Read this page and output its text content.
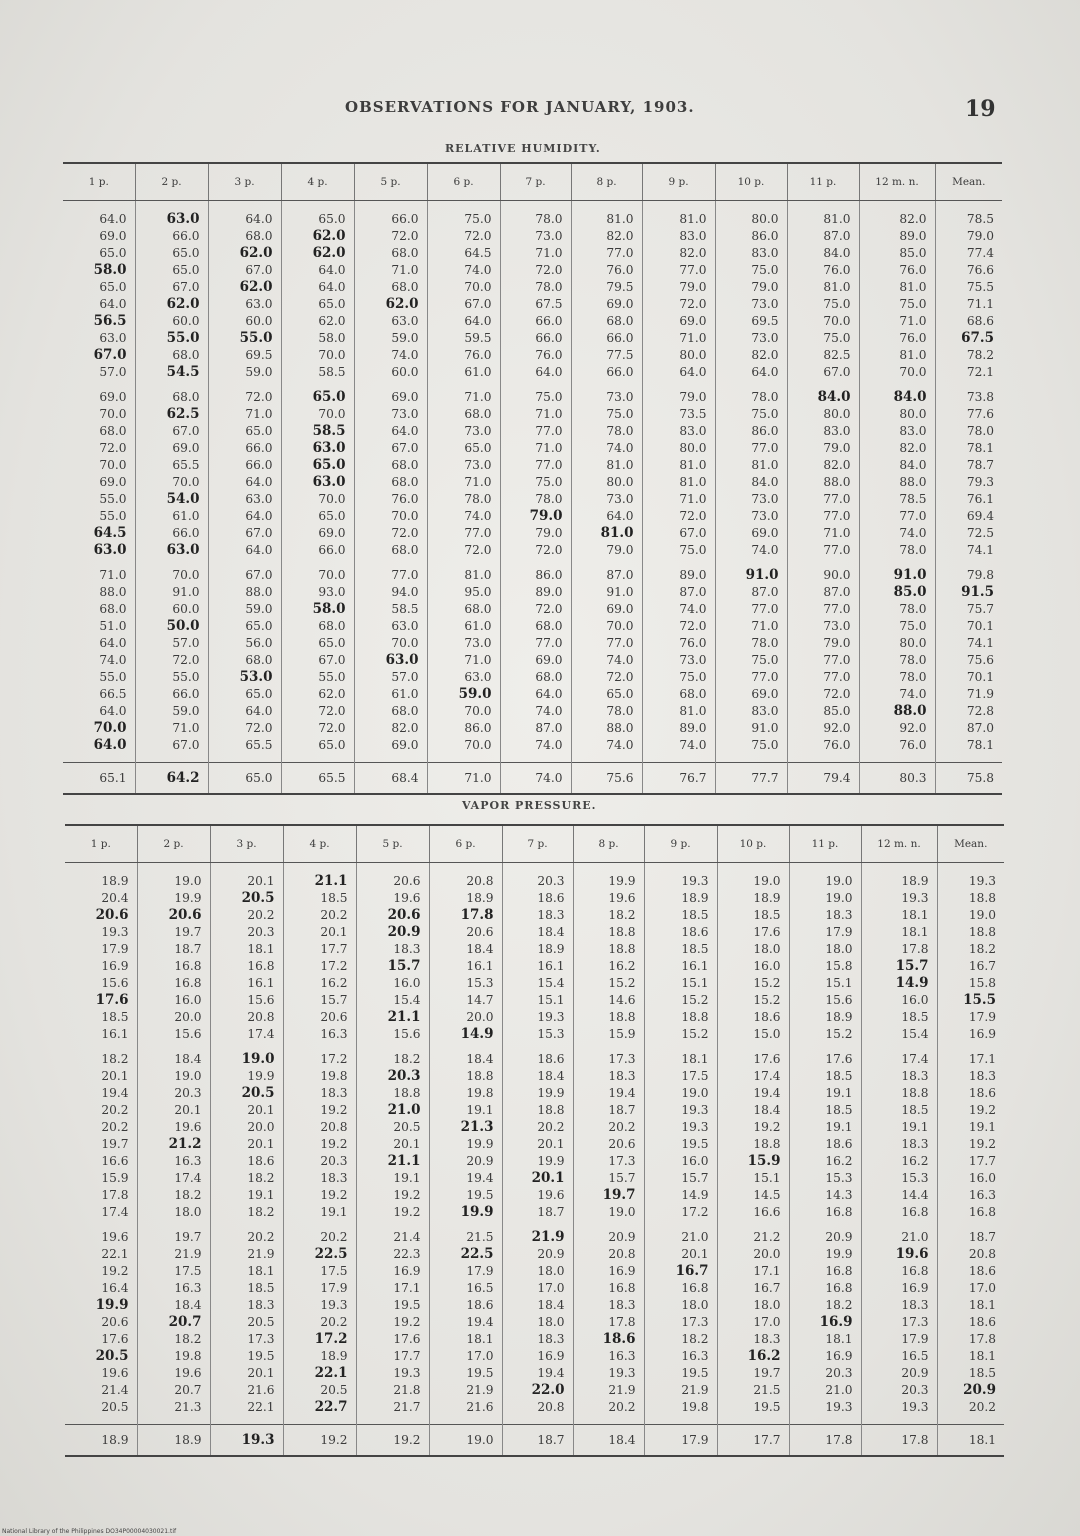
OBSERVATIONS FOR JANUARY, 1903.	19
RELATIVE HUMIDITY.
1 p.	2 p.	3 p.	4 p.	5 p.	6 p.	7 p.	8 p.	9 p.	10 p.	11 p.	12 m. n.	Mean.

64.0	63.0	64.0	65.0	66.0	75.0	78.0	81.0	81.0	80.0	81.0	82.0	78.5
69.0	66.0	68.0	62.0	72.0	72.0	73.0	82.0	83.0	86.0	87.0	89.0	79.0
65.0	65.0	62.0	62.0	68.0	64.5	71.0	77.0	82.0	83.0	84.0	85.0	77.4
58.0	65.0	67.0	64.0	71.0	74.0	72.0	76.0	77.0	75.0	76.0	76.0	76.6
65.0	67.0	62.0	64.0	68.0	70.0	78.0	79.5	79.0	79.0	81.0	81.0	75.5
64.0	62.0	63.0	65.0	62.0	67.0	67.5	69.0	72.0	73.0	75.0	75.0	71.1
56.5	60.0	60.0	62.0	63.0	64.0	66.0	68.0	69.0	69.5	70.0	71.0	68.6
63.0	55.0	55.0	58.0	59.0	59.5	66.0	66.0	71.0	73.0	75.0	76.0	67.5
67.0	68.0	69.5	70.0	74.0	76.0	76.0	77.5	80.0	82.0	82.5	81.0	78.2
57.0	54.5	59.0	58.5	60.0	61.0	64.0	66.0	64.0	64.0	67.0	70.0	72.1

69.0	68.0	72.0	65.0	69.0	71.0	75.0	73.0	79.0	78.0	84.0	84.0	73.8
70.0	62.5	71.0	70.0	73.0	68.0	71.0	75.0	73.5	75.0	80.0	80.0	77.6
68.0	67.0	65.0	58.5	64.0	73.0	77.0	78.0	83.0	86.0	83.0	83.0	78.0
72.0	69.0	66.0	63.0	67.0	65.0	71.0	74.0	80.0	77.0	79.0	82.0	78.1
70.0	65.5	66.0	65.0	68.0	73.0	77.0	81.0	81.0	81.0	82.0	84.0	78.7
69.0	70.0	64.0	63.0	68.0	71.0	75.0	80.0	81.0	84.0	88.0	88.0	79.3
55.0	54.0	63.0	70.0	76.0	78.0	78.0	73.0	71.0	73.0	77.0	78.5	76.1
55.0	61.0	64.0	65.0	70.0	74.0	79.0	64.0	72.0	73.0	77.0	77.0	69.4
64.5	66.0	67.0	69.0	72.0	77.0	79.0	81.0	67.0	69.0	71.0	74.0	72.5
63.0	63.0	64.0	66.0	68.0	72.0	72.0	79.0	75.0	74.0	77.0	78.0	74.1

71.0	70.0	67.0	70.0	77.0	81.0	86.0	87.0	89.0	91.0	90.0	91.0	79.8
88.0	91.0	88.0	93.0	94.0	95.0	89.0	91.0	87.0	87.0	87.0	85.0	91.5
68.0	60.0	59.0	58.0	58.5	68.0	72.0	69.0	74.0	77.0	77.0	78.0	75.7
51.0	50.0	65.0	68.0	63.0	61.0	68.0	70.0	72.0	71.0	73.0	75.0	70.1
64.0	57.0	56.0	65.0	70.0	73.0	77.0	77.0	76.0	78.0	79.0	80.0	74.1
74.0	72.0	68.0	67.0	63.0	71.0	69.0	74.0	73.0	75.0	77.0	78.0	75.6
55.0	55.0	53.0	55.0	57.0	63.0	68.0	72.0	75.0	77.0	77.0	78.0	70.1
66.5	66.0	65.0	62.0	61.0	59.0	64.0	65.0	68.0	69.0	72.0	74.0	71.9
64.0	59.0	64.0	72.0	68.0	70.0	74.0	78.0	81.0	83.0	85.0	88.0	72.8
70.0	71.0	72.0	72.0	82.0	86.0	87.0	88.0	89.0	91.0	92.0	92.0	87.0
64.0	67.0	65.5	65.0	69.0	70.0	74.0	74.0	74.0	75.0	76.0	76.0	78.1

65.1	64.2	65.0	65.5	68.4	71.0	74.0	75.6	76.7	77.7	79.4	80.3	75.8
VAPOR PRESSURE.
1 p.	2 p.	3 p.	4 p.	5 p.	6 p.	7 p.	8 p.	9 p.	10 p.	11 p.	12 m. n.	Mean.

18.9	19.0	20.1	21.1	20.6	20.8	20.3	19.9	19.3	19.0	19.0	18.9	19.3
20.4	19.9	20.5	18.5	19.6	18.9	18.6	19.6	18.9	18.9	19.0	19.3	18.8
20.6	20.6	20.2	20.2	20.6	17.8	18.3	18.2	18.5	18.5	18.3	18.1	19.0
19.3	19.7	20.3	20.1	20.9	20.6	18.4	18.8	18.6	17.6	17.9	18.1	18.8
17.9	18.7	18.1	17.7	18.3	18.4	18.9	18.8	18.5	18.0	18.0	17.8	18.2
16.9	16.8	16.8	17.2	15.7	16.1	16.1	16.2	16.1	16.0	15.8	15.7	16.7
15.6	16.8	16.1	16.2	16.0	15.3	15.4	15.2	15.1	15.2	15.1	14.9	15.8
17.6	16.0	15.6	15.7	15.4	14.7	15.1	14.6	15.2	15.2	15.6	16.0	15.5
18.5	20.0	20.8	20.6	21.1	20.0	19.3	18.8	18.8	18.6	18.9	18.5	17.9
16.1	15.6	17.4	16.3	15.6	14.9	15.3	15.9	15.2	15.0	15.2	15.4	16.9

18.2	18.4	19.0	17.2	18.2	18.4	18.6	17.3	18.1	17.6	17.6	17.4	17.1
20.1	19.0	19.9	19.8	20.3	18.8	18.4	18.3	17.5	17.4	18.5	18.3	18.3
19.4	20.3	20.5	18.3	18.8	19.8	19.9	19.4	19.0	19.4	19.1	18.8	18.6
20.2	20.1	20.1	19.2	21.0	19.1	18.8	18.7	19.3	18.4	18.5	18.5	19.2
20.2	19.6	20.0	20.8	20.5	21.3	20.2	20.2	19.3	19.2	19.1	19.1	19.1
19.7	21.2	20.1	19.2	20.1	19.9	20.1	20.6	19.5	18.8	18.6	18.3	19.2
16.6	16.3	18.6	20.3	21.1	20.9	19.9	17.3	16.0	15.9	16.2	16.2	17.7
15.9	17.4	18.2	18.3	19.1	19.4	20.1	15.7	15.7	15.1	15.3	15.3	16.0
17.8	18.2	19.1	19.2	19.2	19.5	19.6	19.7	14.9	14.5	14.3	14.4	16.3
17.4	18.0	18.2	19.1	19.2	19.9	18.7	19.0	17.2	16.6	16.8	16.8	16.8

19.6	19.7	20.2	20.2	21.4	21.5	21.9	20.9	21.0	21.2	20.9	21.0	18.7
22.1	21.9	21.9	22.5	22.3	22.5	20.9	20.8	20.1	20.0	19.9	19.6	20.8
19.2	17.5	18.1	17.5	16.9	17.9	18.0	16.9	16.7	17.1	16.8	16.8	18.6
16.4	16.3	18.5	17.9	17.1	16.5	17.0	16.8	16.8	16.7	16.8	16.9	17.0
19.9	18.4	18.3	19.3	19.5	18.6	18.4	18.3	18.0	18.0	18.2	18.3	18.1
20.6	20.7	20.5	20.2	19.2	19.4	18.0	17.8	17.3	17.0	16.9	17.3	18.6
17.6	18.2	17.3	17.2	17.6	18.1	18.3	18.6	18.2	18.3	18.1	17.9	17.8
20.5	19.8	19.5	18.9	17.7	17.0	16.9	16.3	16.3	16.2	16.9	16.5	18.1
19.6	19.6	20.1	22.1	19.3	19.5	19.4	19.3	19.5	19.7	20.3	20.9	18.5
21.4	20.7	21.6	20.5	21.8	21.9	22.0	21.9	21.9	21.5	21.0	20.3	20.9
20.5	21.3	22.1	22.7	21.7	21.6	20.8	20.2	19.8	19.5	19.3	19.3	20.2

18.9	18.9	19.3	19.2	19.2	19.0	18.7	18.4	17.9	17.7	17.8	17.8	18.1
National Library of the Philippines DO34P00004030021.tif
